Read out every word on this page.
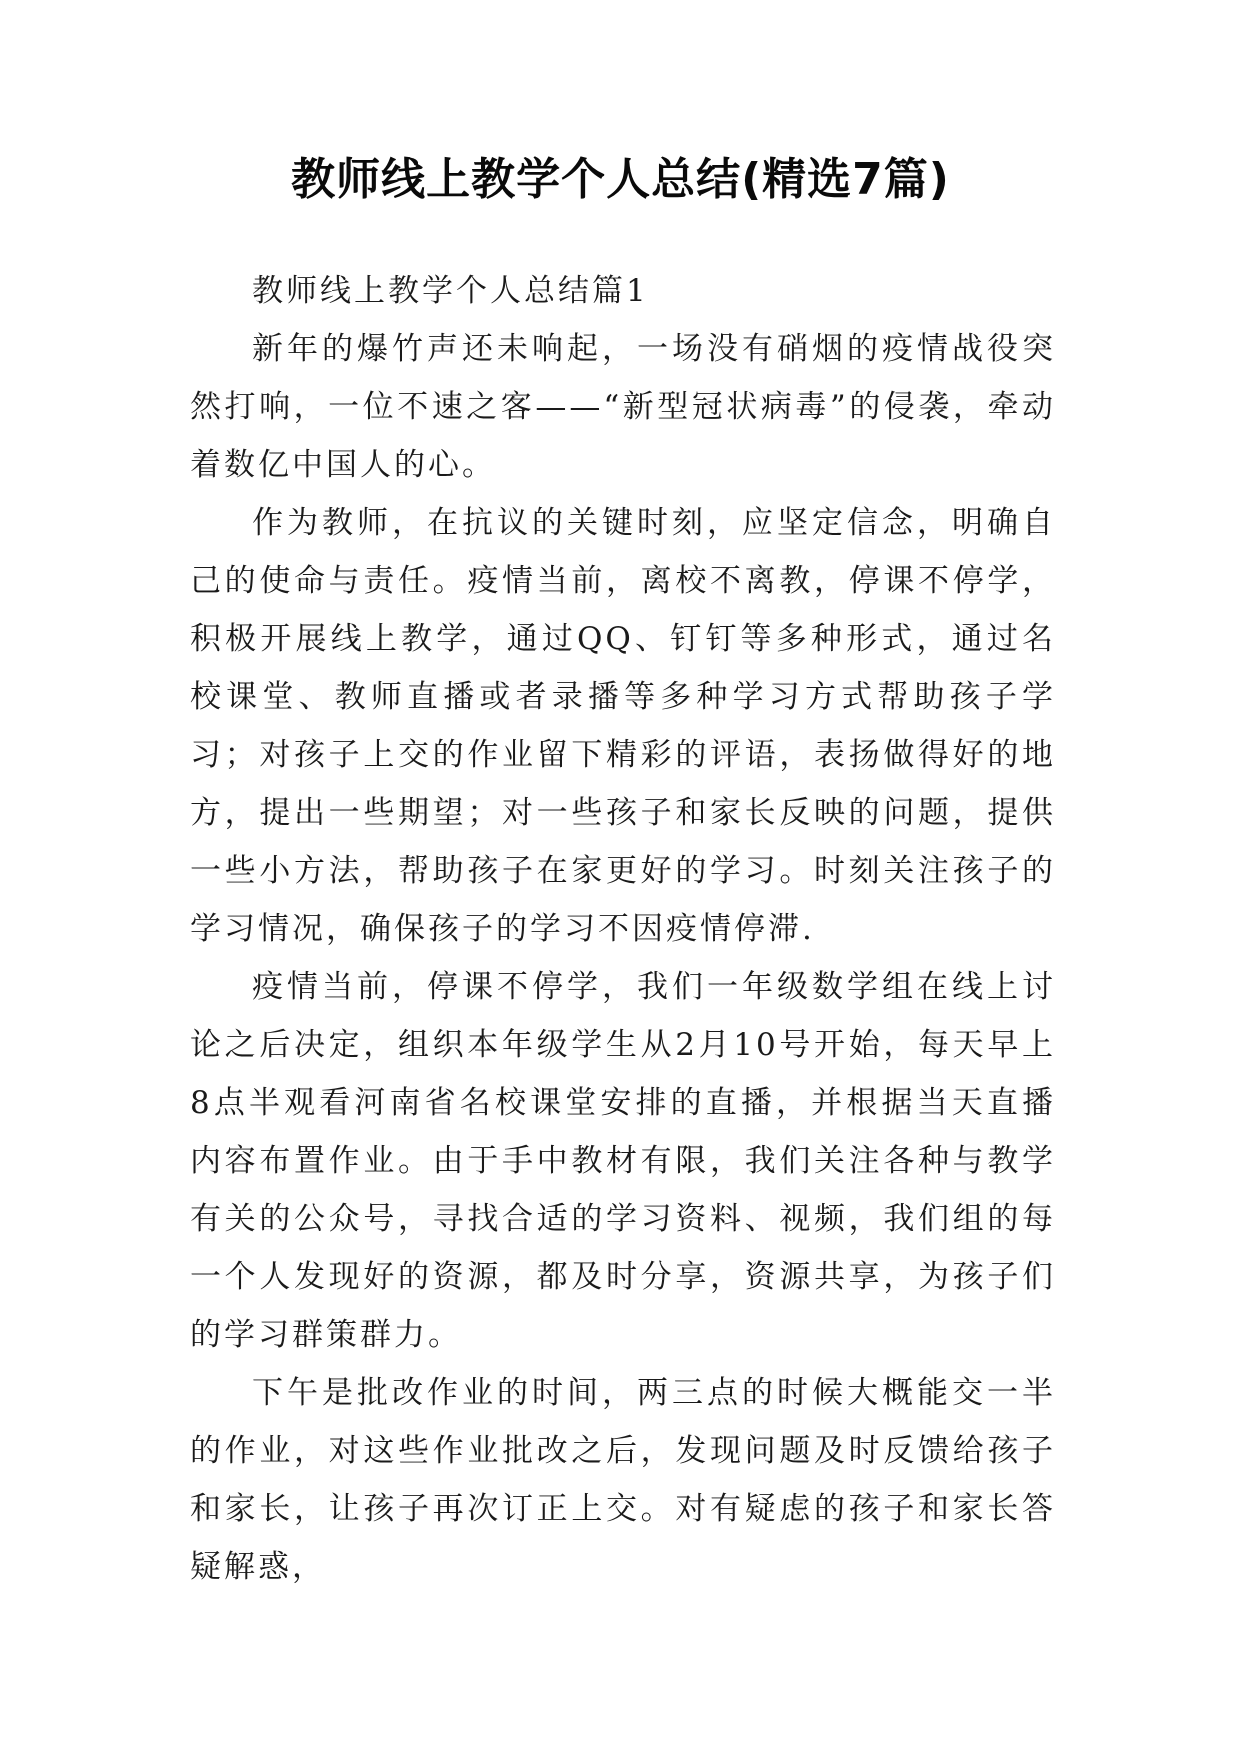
教师线上教学个人总结(精选7篇)

教师线上教学个人总结篇1

新年的爆竹声还未响起，一场没有硝烟的疫情战役突然打响，一位不速之客——“新型冠状病毒”的侵袭，牵动着数亿中国人的心。

作为教师，在抗议的关键时刻，应坚定信念，明确自己的使命与责任。疫情当前，离校不离教，停课不停学，积极开展线上教学，通过QQ、钉钉等多种形式，通过名校课堂、教师直播或者录播等多种学习方式帮助孩子学习；对孩子上交的作业留下精彩的评语，表扬做得好的地方，提出一些期望；对一些孩子和家长反映的问题，提供一些小方法，帮助孩子在家更好的学习。时刻关注孩子的学习情况，确保孩子的学习不因疫情停滞.

疫情当前，停课不停学，我们一年级数学组在线上讨论之后决定，组织本年级学生从2月10号开始，每天早上8点半观看河南省名校课堂安排的直播，并根据当天直播内容布置作业。由于手中教材有限，我们关注各种与教学有关的公众号，寻找合适的学习资料、视频，我们组的每一个人发现好的资源，都及时分享，资源共享，为孩子们的学习群策群力。

下午是批改作业的时间，两三点的时候大概能交一半的作业，对这些作业批改之后，发现问题及时反馈给孩子和家长，让孩子再次订正上交。对有疑虑的孩子和家长答疑解惑，
